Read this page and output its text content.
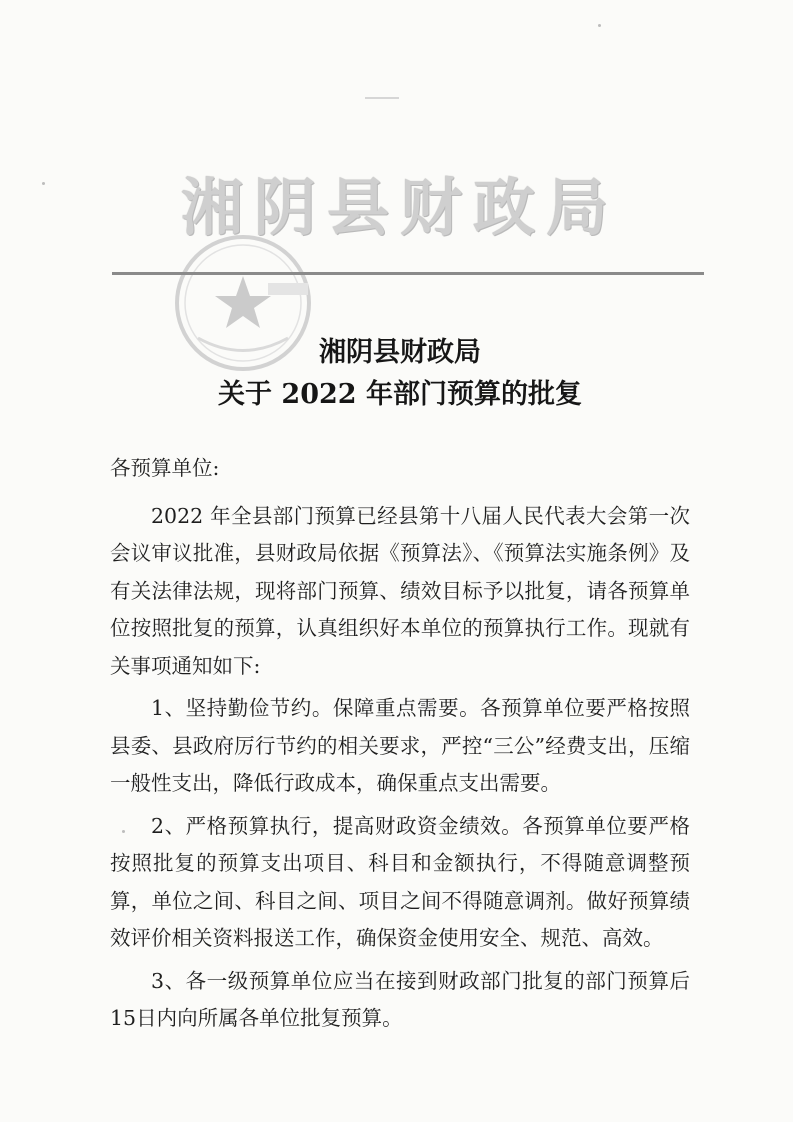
湘阴县财政局
湘阴县财政局
关于 2022 年部门预算的批复
各预算单位:

2022 年全县部门预算已经县第十八届人民代表大会第一次会议审议批准，县财政局依据《预算法》、《预算法实施条例》及有关法律法规，现将部门预算、绩效目标予以批复，请各预算单位按照批复的预算，认真组织好本单位的预算执行工作。现就有关事项通知如下:

1、坚持勤俭节约。保障重点需要。各预算单位要严格按照县委、县政府厉行节约的相关要求，严控“三公”经费支出，压缩一般性支出，降低行政成本，确保重点支出需要。

2、严格预算执行，提高财政资金绩效。各预算单位要严格按照批复的预算支出项目、科目和金额执行，不得随意调整预算，单位之间、科目之间、项目之间不得随意调剂。做好预算绩效评价相关资料报送工作，确保资金使用安全、规范、高效。

3、各一级预算单位应当在接到财政部门批复的部门预算后15日内向所属各单位批复预算。
